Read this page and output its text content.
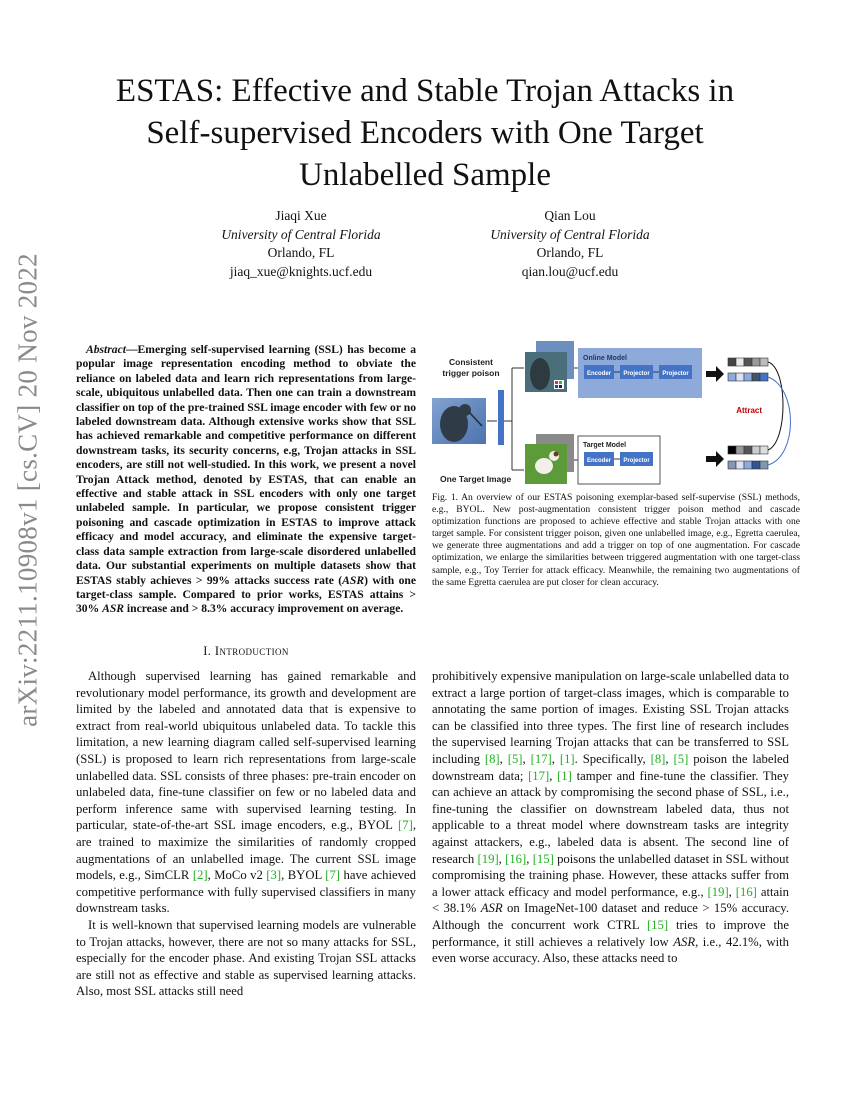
arXiv:2211.10908v1 [cs.CV] 20 Nov 2022
ESTAS: Effective and Stable Trojan Attacks in
Self-supervised Encoders with One Target
Unlabelled Sample
Jiaqi Xue
University of Central Florida
Orlando, FL
jiaq_xue@knights.ucf.edu
Qian Lou
University of Central Florida
Orlando, FL
qian.lou@ucf.edu
Abstract—Emerging self-supervised learning (SSL) has become a popular image representation encoding method to obviate the reliance on labeled data and learn rich representations from large-scale, ubiquitous unlabelled data. Then one can train a downstream classifier on top of the pre-trained SSL image encoder with few or no labeled downstream data. Although extensive works show that SSL has achieved remarkable and competitive performance on different downstream tasks, its security concerns, e.g, Trojan attacks in SSL encoders, are still not well-studied. In this work, we present a novel Trojan Attack method, denoted by ESTAS, that can enable an effective and stable attack in SSL encoders with only one target unlabeled sample. In particular, we propose consistent trigger poisoning and cascade optimization in ESTAS to improve attack efficacy and model accuracy, and eliminate the expensive target-class data sample extraction from large-scale disordered unlabelled data. Our substantial experiments on multiple datasets show that ESTAS stably achieves > 99% attacks success rate (ASR) with one target-class sample. Compared to prior works, ESTAS attains > 30% ASR increase and > 8.3% accuracy improvement on average.
Consistent trigger poison
One Target Image
Online Model
Encoder Projector Projector
Target Model
Encoder Projector
Attract
Fig. 1. An overview of our ESTAS poisoning exemplar-based self-supervise (SSL) methods, e.g., BYOL. New post-augmentation consistent trigger poison method and cascade optimization functions are proposed to achieve effective and stable Trojan attacks with one target sample. For consistent trigger poison, given one unlabelled image, e.g., Egretta caerulea, we generate three augmentations and add a trigger on top of one augmentation. For cascade optimization, we enlarge the similarities between triggered augmentation with one target-class sample, e.g., Toy Terrier for attack efficacy. Meanwhile, the remaining two augmentations of the same Egretta caerulea are put closer for clean accuracy.
I. Introduction

Although supervised learning has gained remarkable and revolutionary model performance, its growth and development are limited by the labeled and annotated data that is expensive to extract from real-world ubiquitous unlabeled data. To tackle this limitation, a new learning diagram called self-supervised learning (SSL) is proposed to learn rich representations from large-scale unlabelled data. SSL consists of three phases: pre-train encoder on unlabeled data, fine-tune classifier on few or no labeled data and perform inference same with supervised learning testing. In particular, state-of-the-art SSL image encoders, e.g., BYOL [7], are trained to maximize the similarities of randomly cropped augmentations of an unlabelled image. The current SSL image models, e.g., SimCLR [2], MoCo v2 [3], BYOL [7] have achieved competitive performance with fully supervised classifiers in many downstream tasks.

It is well-known that supervised learning models are vulnerable to Trojan attacks, however, there are not so many attacks for SSL, especially for the encoder phase. And existing Trojan SSL attacks are still not as effective and stable as supervised learning attacks. Also, most SSL attacks still need

prohibitively expensive manipulation on large-scale unlabelled data to extract a large portion of target-class images, which is comparable to annotating the same portion of images. Existing SSL Trojan attacks can be classified into three types. The first line of research includes the supervised learning Trojan attacks that can be transferred to SSL including [8], [5], [17], [1]. Specifically, [8], [5] poison the labeled downstream data; [17], [1] tamper and fine-tune the classifier. They can achieve an attack by compromising the second phase of SSL, i.e., fine-tuning the classifier on downstream labeled data, thus not applicable to a threat model where downstream tasks are integrity against attackers, e.g., labeled data is absent. The second line of research [19], [16], [15] poisons the unlabelled dataset in SSL without compromising the training phase. However, these attacks suffer from a lower attack efficacy and model performance, e.g., [19], [16] attain < 38.1% ASR on ImageNet-100 dataset and reduce > 15% accuracy. Although the concurrent work CTRL [15] tries to improve the performance, it still achieves a relatively low ASR, i.e., 42.1%, with even worse accuracy. Also, these attacks need to
